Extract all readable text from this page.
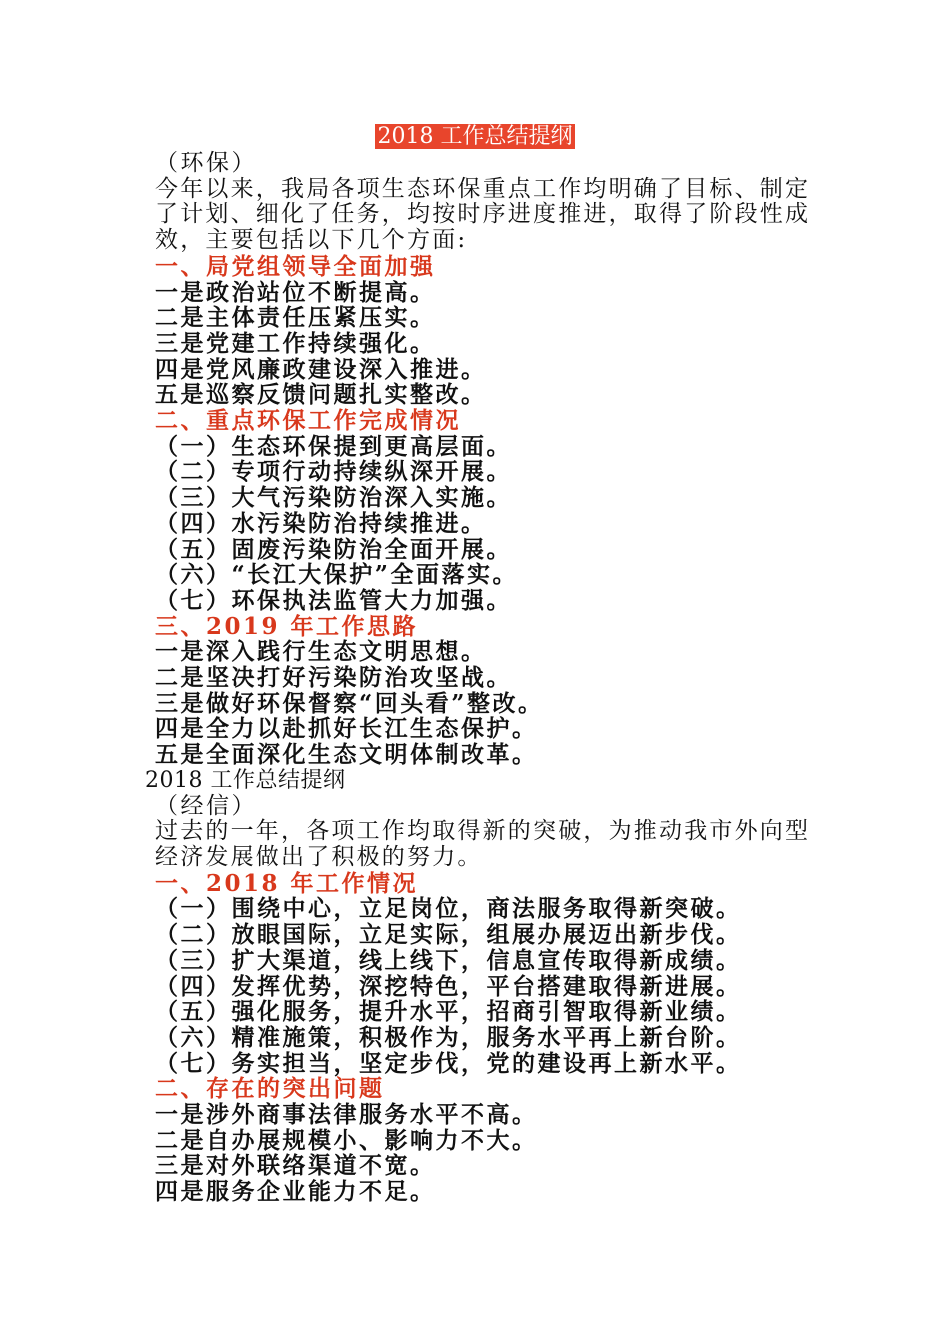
2018 工作总结提纲
（环保）
今年以来，我局各项生态环保重点工作均明确了目标、制定了计划、细化了任务，均按时序进度推进，取得了阶段性成效，主要包括以下几个方面:
一、局党组领导全面加强
一是政治站位不断提高。
二是主体责任压紧压实。
三是党建工作持续强化。
四是党风廉政建设深入推进。
五是巡察反馈问题扎实整改。
二、重点环保工作完成情况
（一）生态环保提到更高层面。
（二）专项行动持续纵深开展。
（三）大气污染防治深入实施。
（四）水污染防治持续推进。
（五）固废污染防治全面开展。
（六）“长江大保护”全面落实。
（七）环保执法监管大力加强。
三、2019 年工作思路
一是深入践行生态文明思想。
二是坚决打好污染防治攻坚战。
三是做好环保督察“回头看”整改。
四是全力以赴抓好长江生态保护。
五是全面深化生态文明体制改革。
2018 工作总结提纲
（经信）
过去的一年，各项工作均取得新的突破，为推动我市外向型经济发展做出了积极的努力。
一、2018 年工作情况
（一）围绕中心，立足岗位，商法服务取得新突破。
（二）放眼国际，立足实际，组展办展迈出新步伐。
（三）扩大渠道，线上线下，信息宣传取得新成绩。
（四）发挥优势，深挖特色，平台搭建取得新进展。
（五）强化服务，提升水平，招商引智取得新业绩。
（六）精准施策，积极作为，服务水平再上新台阶。
（七）务实担当，坚定步伐，党的建设再上新水平。
二、存在的突出问题
一是涉外商事法律服务水平不高。
二是自办展规模小、影响力不大。
三是对外联络渠道不宽。
四是服务企业能力不足。
